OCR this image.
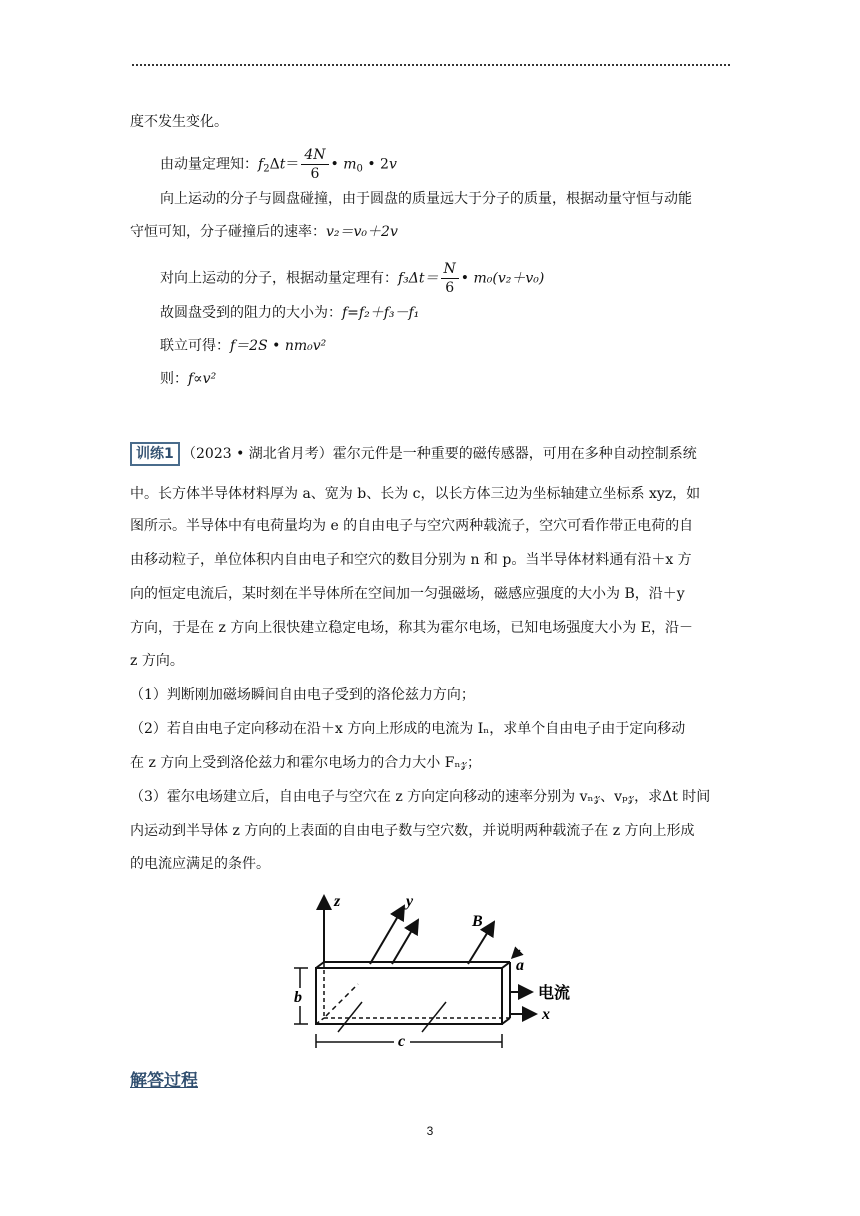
度不发生变化。
由动量定理知：$f_2\Delta t= \frac{4N}{6}$ • $m_0$ • 2v
向上运动的分子与圆盘碰撞，由于圆盘的质量远大于分子的质量，根据动量守恒与动能
守恒可知，分子碰撞后的速率：v₂＝v₀＋2v
对向上运动的分子，根据动量定理有：$f_3\Delta t= \frac{N}{6}$ • m₀(v₂＋v₀)
故圆盘受到的阻力的大小为：f=f₂＋f₃－f₁
联立可得：f＝2S • nm₀v²
则：f∝v²
训练1 （2023 • 湖北省月考）霍尔元件是一种重要的磁传感器，可用在多种自动控制系统
中。长方体半导体材料厚为 a、宽为 b、长为 c，以长方体三边为坐标轴建立坐标系 xyz，如
图所示。半导体中有电荷量均为 e 的自由电子与空穴两种载流子，空穴可看作带正电荷的自
由移动粒子，单位体积内自由电子和空穴的数目分别为 n 和 p。当半导体材料通有沿＋x 方
向的恒定电流后，某时刻在半导体所在空间加一匀强磁场，磁感应强度的大小为 B，沿＋y
方向，于是在 z 方向上很快建立稳定电场，称其为霍尔电场，已知电场强度大小为 E，沿－
z 方向。
（1）判断刚加磁场瞬间自由电子受到的洛伦兹力方向；
（2）若自由电子定向移动在沿＋x 方向上形成的电流为 Iₙ，求单个自由电子由于定向移动
在 z 方向上受到洛伦兹力和霍尔电场力的合力大小 Fₙ𝓏；
（3）霍尔电场建立后，自由电子与空穴在 z 方向定向移动的速率分别为 vₙ𝓏、vₚ𝓏，求Δt 时间
内运动到半导体 z 方向的上表面的自由电子数与空穴数，并说明两种载流子在 z 方向上形成
的电流应满足的条件。
z	y
B
a
b	电流
x
c
解答过程
3
